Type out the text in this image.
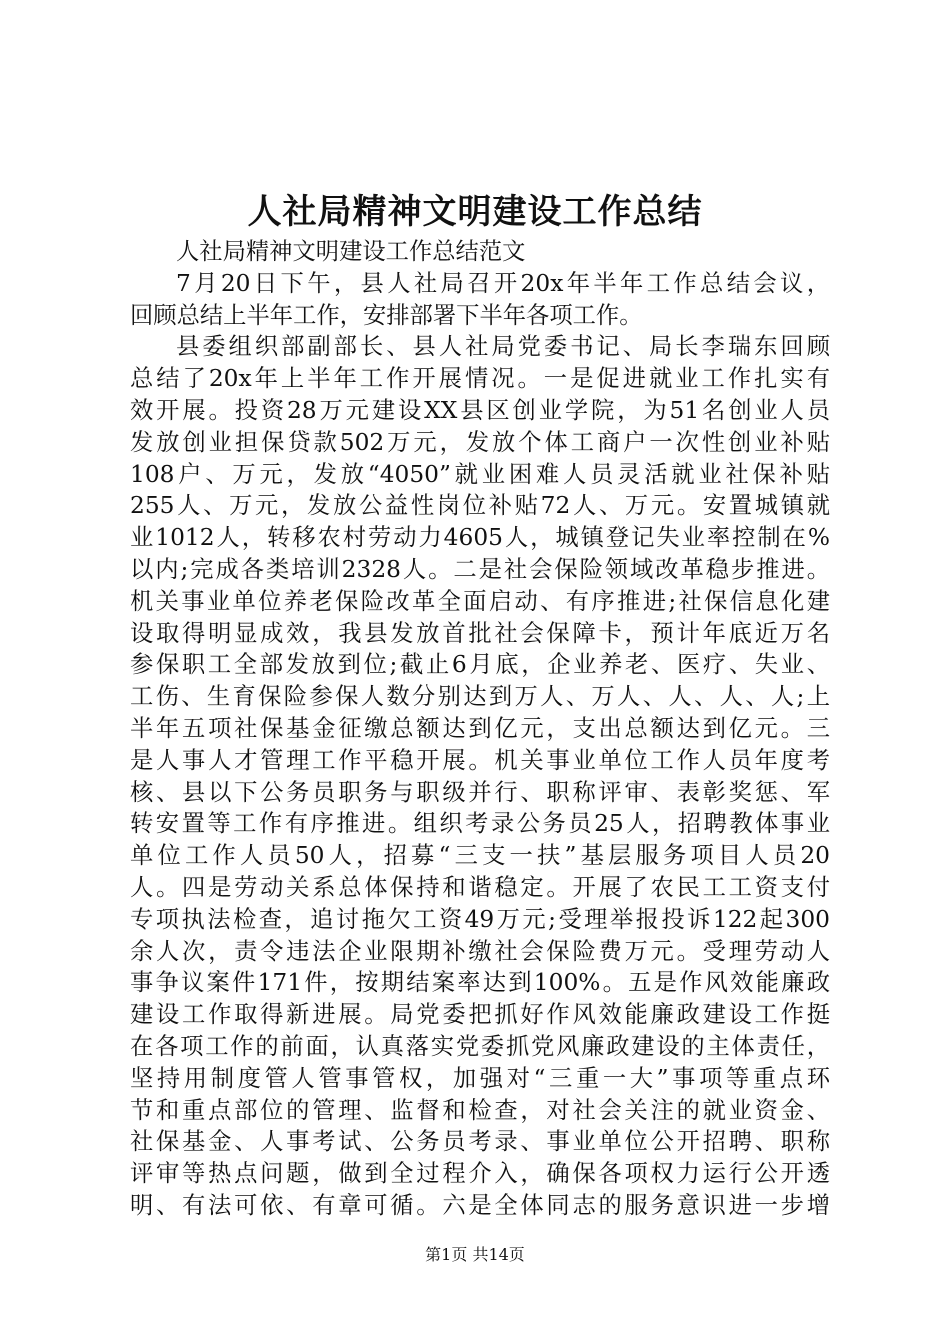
人社局精神文明建设工作总结
人社局精神文明建设工作总结范文
7月20日下午，县人社局召开20x年半年工作总结会议，
回顾总结上半年工作，安排部署下半年各项工作。
县委组织部副部长、县人社局党委书记、局长李瑞东回顾
总结了20x年上半年工作开展情况。一是促进就业工作扎实有
效开展。投资28万元建设XX县区创业学院，为51名创业人员
发放创业担保贷款502万元，发放个体工商户一次性创业补贴
108户、万元，发放“4050”就业困难人员灵活就业社保补贴
255人、万元，发放公益性岗位补贴72人、万元。安置城镇就
业1012人，转移农村劳动力4605人，城镇登记失业率控制在%
以内;完成各类培训2328人。二是社会保险领域改革稳步推进。
机关事业单位养老保险改革全面启动、有序推进;社保信息化建
设取得明显成效，我县发放首批社会保障卡，预计年底近万名
参保职工全部发放到位;截止6月底，企业养老、医疗、失业、
工伤、生育保险参保人数分别达到万人、万人、人、人、人;上
半年五项社保基金征缴总额达到亿元，支出总额达到亿元。三
是人事人才管理工作平稳开展。机关事业单位工作人员年度考
核、县以下公务员职务与职级并行、职称评审、表彰奖惩、军
转安置等工作有序推进。组织考录公务员25人，招聘教体事业
单位工作人员50人，招募“三支一扶”基层服务项目人员20
人。四是劳动关系总体保持和谐稳定。开展了农民工工资支付
专项执法检查，追讨拖欠工资49万元;受理举报投诉122起300
余人次，责令违法企业限期补缴社会保险费万元。受理劳动人
事争议案件171件，按期结案率达到100%。五是作风效能廉政
建设工作取得新进展。局党委把抓好作风效能廉政建设工作挺
在各项工作的前面，认真落实党委抓党风廉政建设的主体责任，
坚持用制度管人管事管权，加强对“三重一大”事项等重点环
节和重点部位的管理、监督和检查，对社会关注的就业资金、
社保基金、人事考试、公务员考录、事业单位公开招聘、职称
评审等热点问题，做到全过程介入，确保各项权力运行公开透
明、有法可依、有章可循。六是全体同志的服务意识进一步增
第1页 共14页
